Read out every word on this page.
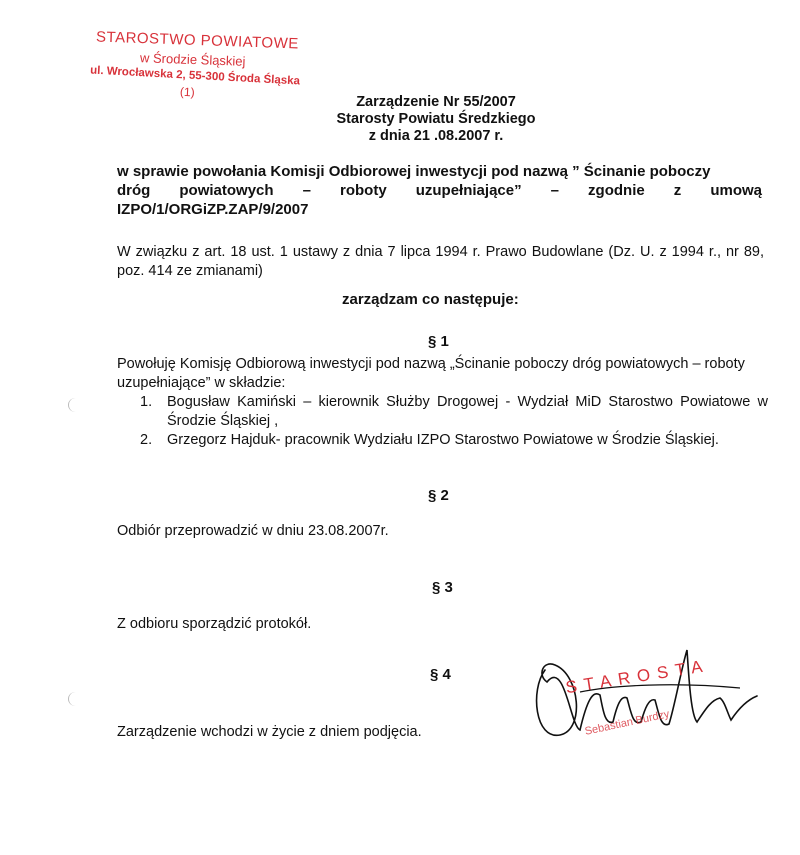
STAROSTWO POWIATOWE
w Środzie Śląskiej
ul. Wrocławska 2, 55-300 Środa Śląska
(1)
Zarządzenie Nr 55/2007
Starosty Powiatu Średzkiego
z dnia 21 .08.2007 r.
w sprawie powołania Komisji Odbiorowej inwestycji pod nazwą ” Ścinanie poboczy
dróg powiatowych – roboty uzupełniające” – zgodnie z umową
IZPO/1/ORGiZP.ZAP/9/2007
W związku z art. 18 ust. 1 ustawy z dnia 7 lipca 1994 r. Prawo Budowlane (Dz. U. z 1994 r., nr 89, poz. 414 ze zmianami)
zarządzam co następuje:
§ 1
Powołuję Komisję Odbiorową inwestycji pod nazwą „Ścinanie poboczy dróg powiatowych – roboty uzupełniające” w składzie:
1. Bogusław Kamiński – kierownik Służby Drogowej - Wydział MiD Starostwo Powiatowe w Środzie Śląskiej ,
2. Grzegorz Hajduk- pracownik Wydziału IZPO Starostwo Powiatowe w Środzie Śląskiej.
§ 2
Odbiór przeprowadzić w dniu 23.08.2007r.
§ 3
Z odbioru sporządzić protokół.
§ 4
Zarządzenie wchodzi w życie z dniem podjęcia.
STAROSTA
Sebastian Burdzy
